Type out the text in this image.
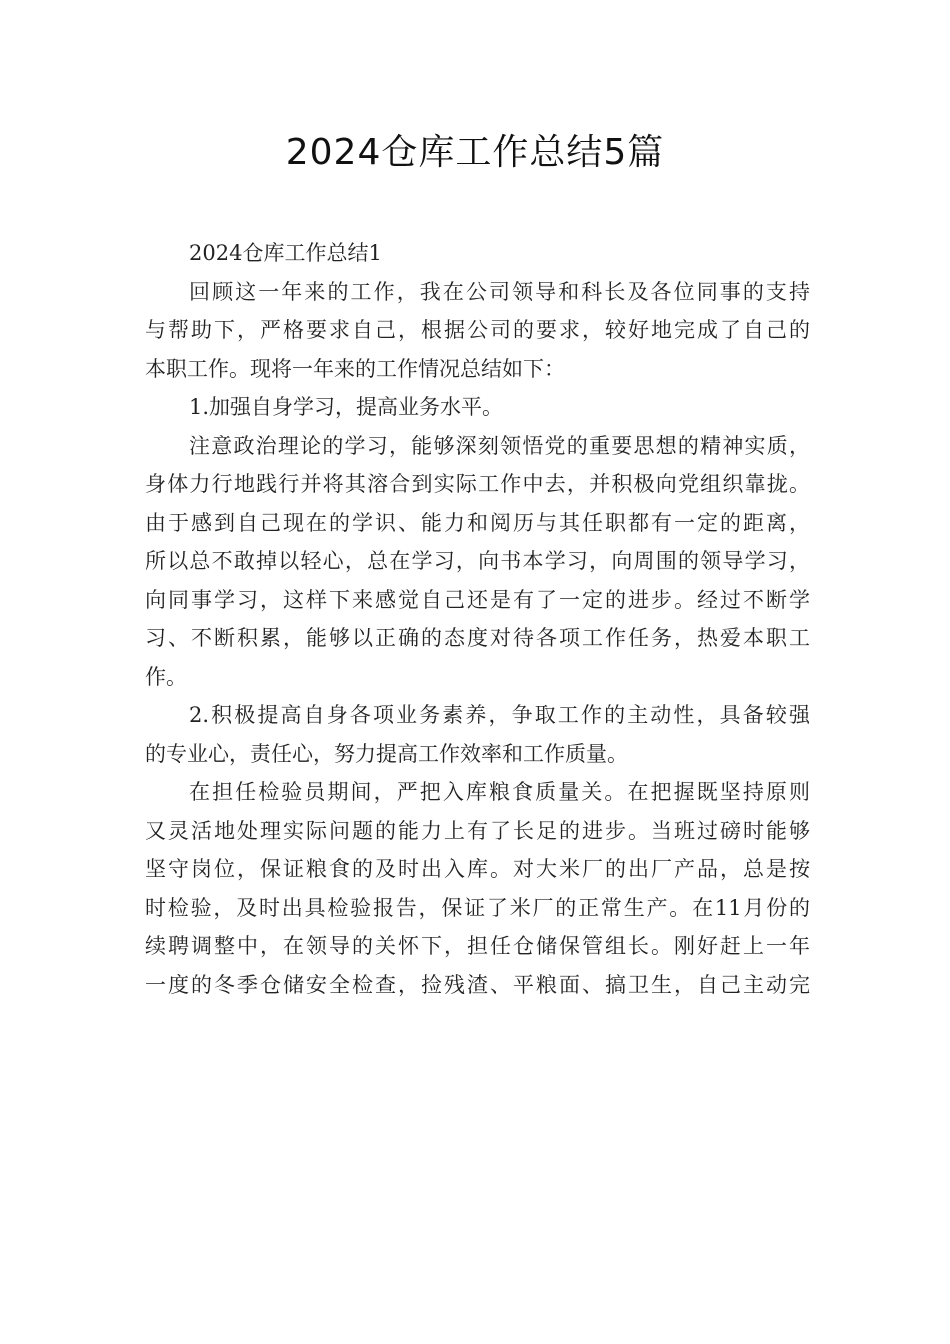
2024仓库工作总结5篇
2024仓库工作总结1
回顾这一年来的工作，我在公司领导和科长及各位同事的支持
与帮助下，严格要求自己，根据公司的要求，较好地完成了自己的
本职工作。现将一年来的工作情况总结如下：
1.加强自身学习，提高业务水平。
注意政治理论的学习，能够深刻领悟党的重要思想的精神实质，
身体力行地践行并将其溶合到实际工作中去，并积极向党组织靠拢。
由于感到自己现在的学识、能力和阅历与其任职都有一定的距离，
所以总不敢掉以轻心，总在学习，向书本学习，向周围的领导学习，
向同事学习，这样下来感觉自己还是有了一定的进步。经过不断学
习、不断积累，能够以正确的态度对待各项工作任务，热爱本职工
作。
2.积极提高自身各项业务素养，争取工作的主动性，具备较强
的专业心，责任心，努力提高工作效率和工作质量。
在担任检验员期间，严把入库粮食质量关。在把握既坚持原则
又灵活地处理实际问题的能力上有了长足的进步。当班过磅时能够
坚守岗位，保证粮食的及时出入库。对大米厂的出厂产品，总是按
时检验，及时出具检验报告，保证了米厂的正常生产。在11月份的
续聘调整中，在领导的关怀下，担任仓储保管组长。刚好赶上一年
一度的冬季仓储安全检查，捡残渣、平粮面、搞卫生，自己主动完
